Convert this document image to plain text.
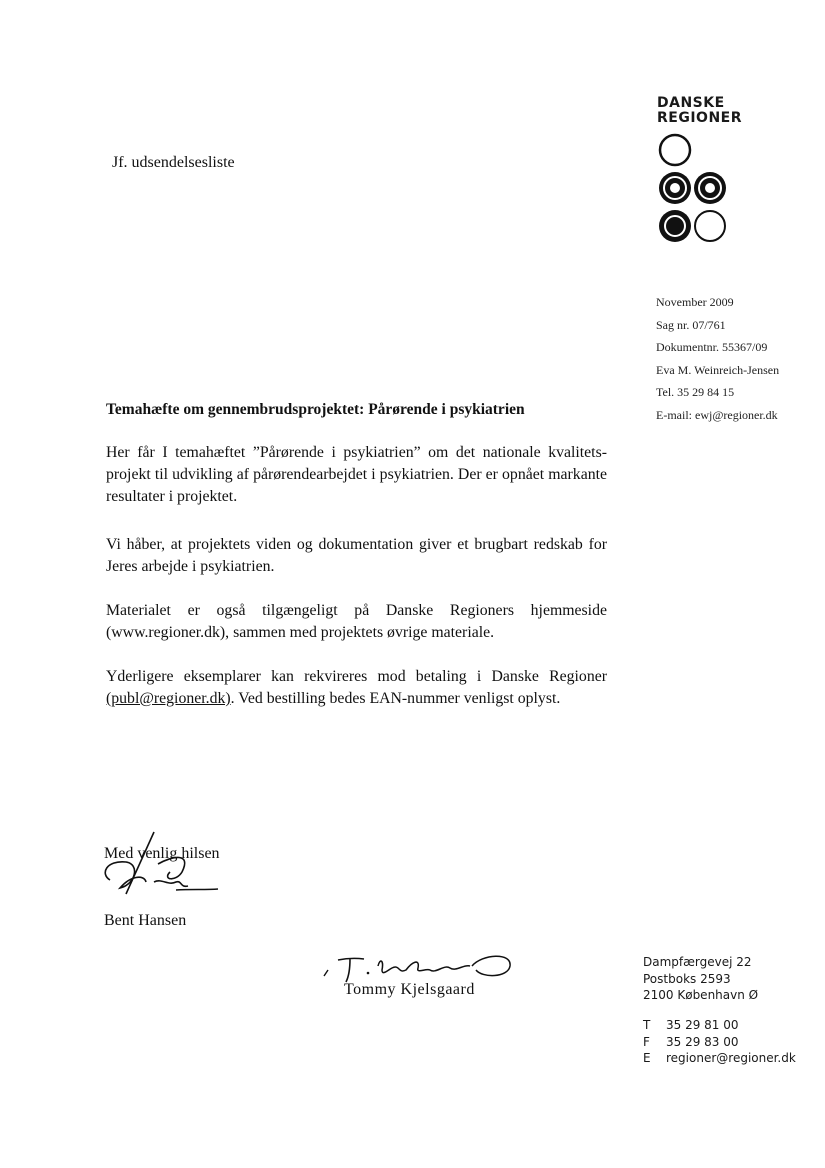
Jf. udsendelsesliste
DANSKE
REGIONER
November 2009
Sag nr. 07/761
Dokumentnr. 55367/09
Eva M. Weinreich-Jensen
Tel. 35 29 84 15
E-mail: ewj@regioner.dk
Temahæfte om gennembrudsprojektet: Pårørende i psykiatrien
Her får I temahæftet ”Pårørende i psykiatrien” om det nationale kvalitetsprojekt til udvikling af pårørendearbejdet i psykiatrien. Der er opnået markante resultater i projektet.
Vi håber, at projektets viden og dokumentation giver et brugbart redskab for Jeres arbejde i psykiatrien.
Materialet er også tilgængeligt på Danske Regioners hjemmeside (www.regioner.dk), sammen med projektets øvrige materiale.
Yderligere eksemplarer kan rekvireres mod betaling i Danske Regioner (publ@regioner.dk). Ved bestilling bedes EAN-nummer venligst oplyst.
Med venlig hilsen
Bent Hansen
Tommy Kjelsgaard
Dampfærgevej 22
Postboks 2593
2100 København Ø
T	35 29 81 00
F	35 29 83 00
E	regioner@regioner.dk
